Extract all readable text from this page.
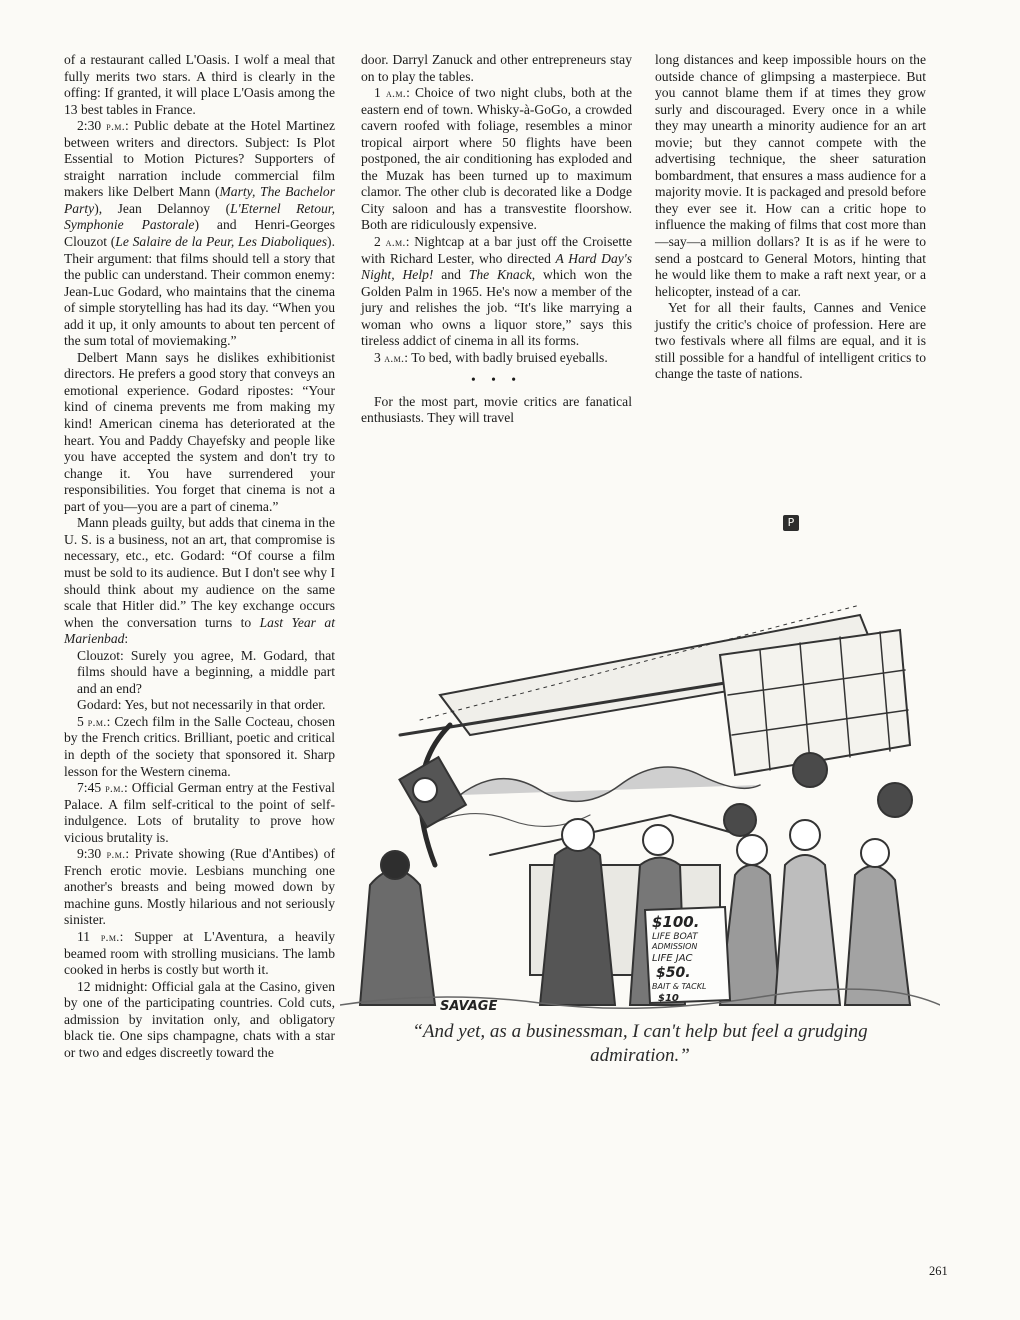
of a restaurant called L'Oasis. I wolf a meal that fully merits two stars. A third is clearly in the offing: If granted, it will place L'Oasis among the 13 best tables in France.

2:30 p.m.: Public debate at the Hotel Martinez between writers and directors. Subject: Is Plot Essential to Motion Pictures? Supporters of straight narration include commercial film makers like Delbert Mann (Marty, The Bachelor Party), Jean Delannoy (L'Eternel Retour, Symphonie Pastorale) and Henri-Georges Clouzot (Le Salaire de la Peur, Les Diaboliques). Their argument: that films should tell a story that the public can understand. Their common enemy: Jean-Luc Godard, who maintains that the cinema of simple storytelling has had its day. “When you add it up, it only amounts to about ten percent of the sum total of moviemaking.”

Delbert Mann says he dislikes exhibitionist directors. He prefers a good story that conveys an emotional experience. Godard ripostes: “Your kind of cinema prevents me from making my kind! American cinema has deteriorated at the heart. You and Paddy Chayefsky and people like you have accepted the system and don't try to change it. You have surrendered your responsibilities. You forget that cinema is not a part of you—you are a part of cinema.”

Mann pleads guilty, but adds that cinema in the U. S. is a business, not an art, that compromise is necessary, etc., etc. Godard: “Of course a film must be sold to its audience. But I don't see why I should think about my audience on the same scale that Hitler did.” The key exchange occurs when the conversation turns to Last Year at Marienbad:

Clouzot: Surely you agree, M. Godard, that films should have a beginning, a middle part and an end?

Godard: Yes, but not necessarily in that order.

5 p.m.: Czech film in the Salle Cocteau, chosen by the French critics. Brilliant, poetic and critical in depth of the society that sponsored it. Sharp lesson for the Western cinema.

7:45 p.m.: Official German entry at the Festival Palace. A film self-critical to the point of self-indulgence. Lots of brutality to prove how vicious brutality is.

9:30 p.m.: Private showing (Rue d'Antibes) of French erotic movie. Lesbians munching one another's breasts and being mowed down by machine guns. Mostly hilarious and not seriously sinister.

11 p.m.: Supper at L'Aventura, a heavily beamed room with strolling musicians. The lamb cooked in herbs is costly but worth it.

12 midnight: Official gala at the Casino, given by one of the participating countries. Cold cuts, admission by invitation only, and obligatory black tie. One sips champagne, chats with a star or two and edges discreetly toward the

door. Darryl Zanuck and other entrepreneurs stay on to play the tables.

1 a.m.: Choice of two night clubs, both at the eastern end of town. Whisky-à-GoGo, a crowded cavern roofed with foliage, resembles a minor tropical airport where 50 flights have been postponed, the air conditioning has exploded and the Muzak has been turned up to maximum clamor. The other club is decorated like a Dodge City saloon and has a transvestite floorshow. Both are ridiculously expensive.

2 a.m.: Nightcap at a bar just off the Croisette with Richard Lester, who directed A Hard Day's Night, Help! and The Knack, which won the Golden Palm in 1965. He's now a member of the jury and relishes the job. “It's like marrying a woman who owns a liquor store,” says this tireless addict of cinema in all its forms.

3 a.m.: To bed, with badly bruised eyeballs.

• • •

For the most part, movie critics are fanatical enthusiasts. They will travel

long distances and keep impossible hours on the outside chance of glimpsing a masterpiece. But you cannot blame them if at times they grow surly and discouraged. Every once in a while they may unearth a minority audience for an art movie; but they cannot compete with the advertising technique, the sheer saturation bombardment, that ensures a mass audience for a majority movie. It is packaged and presold before they ever see it. How can a critic hope to influence the making of films that cost more than—say—a million dollars? It is as if he were to send a postcard to General Motors, hinting that he would like them to make a raft next year, or a helicopter, instead of a car.

Yet for all their faults, Cannes and Venice justify the critic's choice of profession. Here are two festivals where all films are equal, and it is still possible for a handful of intelligent critics to change the taste of nations.

P
$100.
LIFE BOAT
ADMISSION
LIFE JAC
$50.
BAIT & TACKL
$10
SAVAGE
“And yet, as a businessman, I can't help but feel a grudging admiration.”
261
